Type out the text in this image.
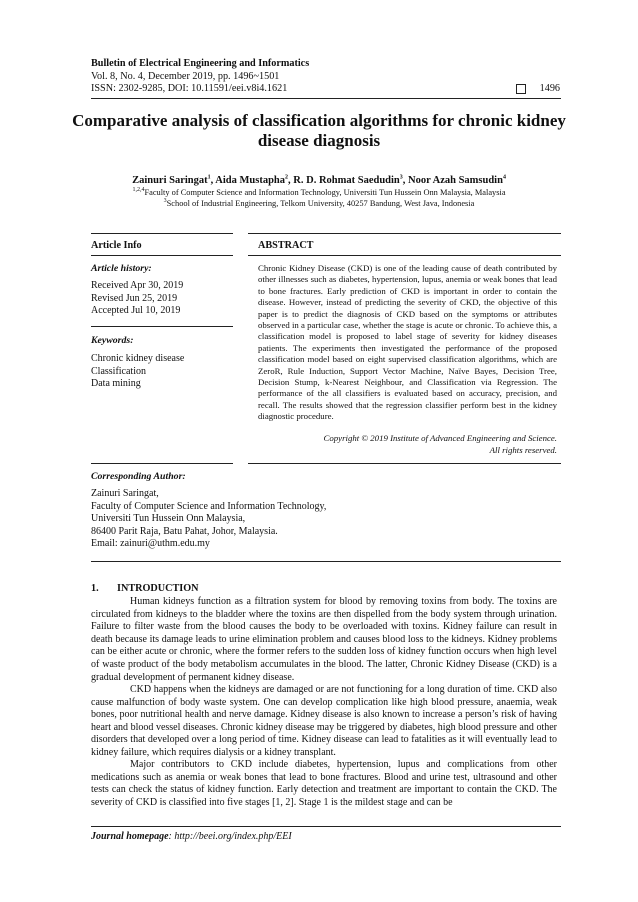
Bulletin of Electrical Engineering and Informatics
Vol. 8, No. 4, December 2019, pp. 1496~1501
ISSN: 2302-9285, DOI: 10.11591/eei.v8i4.1621	1496
Comparative analysis of classification algorithms for chronic kidney disease diagnosis
Zainuri Saringat$^1$, Aida Mustapha$^2$, R. D. Rohmat Saedudin$^3$, Noor Azah Samsudin$^4$
$^{1,2,4}$Faculty of Computer Science and Information Technology, Universiti Tun Hussein Onn Malaysia, Malaysia
$^3$School of Industrial Engineering, Telkom University, 40257 Bandung, West Java, Indonesia
Article Info	ABSTRACT
Article history:
Received Apr 30, 2019
Revised Jun 25, 2019
Accepted Jul 10, 2019
Keywords:
Chronic kidney disease
Classification
Data mining
Chronic Kidney Disease (CKD) is one of the leading cause of death contributed by other illnesses such as diabetes, hypertension, lupus, anemia or weak bones that lead to bone fractures. Early prediction of CKD is important in order to contain the disease. However, instead of predicting the severity of CKD, the objective of this paper is to predict the diagnosis of CKD based on the symptoms or attributes observed in a particular case, whether the stage is acute or chronic. To achieve this, a classification model is proposed to label stage of severity for kidney diseases patients. The experiments then investigated the performance of the proposed classification model based on eight supervised classification algorithms, which are ZeroR, Rule Induction, Support Vector Machine, Naïve Bayes, Decision Tree, Decision Stump, k-Nearest Neighbour, and Classification via Regression. The performance of the all classifiers is evaluated based on accuracy, precision, and recall. The results showed that the regression classifier perform best in the kidney diagnostic procedure.
Copyright © 2019 Institute of Advanced Engineering and Science.
All rights reserved.
Corresponding Author:
Zainuri Saringat,
Faculty of Computer Science and Information Technology,
Universiti Tun Hussein Onn Malaysia,
86400 Parit Raja, Batu Pahat, Johor, Malaysia.
Email: zainuri@uthm.edu.my
1. INTRODUCTION

Human kidneys function as a filtration system for blood by removing toxins from body. The toxins are circulated from kidneys to the bladder where the toxins are then dispelled from the body system through urination. Failure to filter waste from the blood causes the body to be overloaded with toxins. Kidney failure can result in death because its damage leads to urine elimination problem and causes blood loss to the kidneys. Kidney problems can be either acute or chronic, where the former refers to the sudden loss of kidney function occurs when high level of waste product of the body metabolism accumulates in the blood. The latter, Chronic Kidney Disease (CKD) is a gradual development of permanent kidney disease.

CKD happens when the kidneys are damaged or are not functioning for a long duration of time. CKD also cause malfunction of body waste system. One can develop complication like high blood pressure, anaemia, weak bones, poor nutritional health and nerve damage. Kidney disease is also known to increase a person’s risk of having heart and blood vessel diseases. Chronic kidney disease may be triggered by diabetes, high blood pressure and other disorders that developed over a long period of time. Kidney disease can lead to fatalities as it will eventually lead to kidney failure, which requires dialysis or a kidney transplant.

Major contributors to CKD include diabetes, hypertension, lupus and complications from other medications such as anemia or weak bones that lead to bone fractures. Blood and urine test, ultrasound and other tests can check the status of kidney function. Early detection and treatment are important to contain the CKD. The severity of CKD is classified into five stages [1, 2]. Stage 1 is the mildest stage and can be

Journal homepage: http://beei.org/index.php/EEI
